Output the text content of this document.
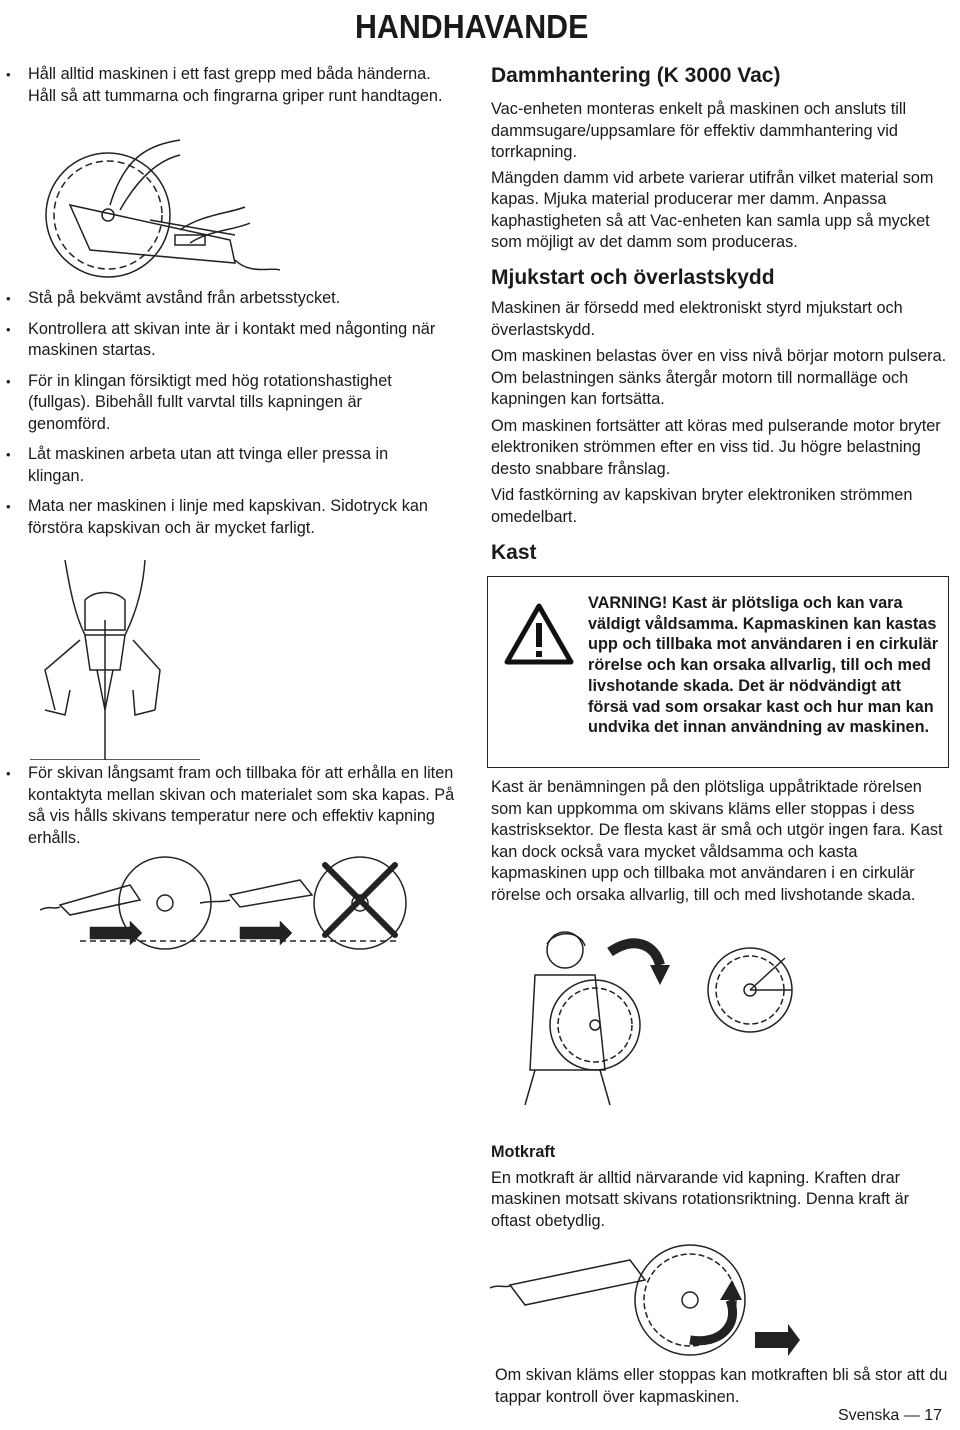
HANDHAVANDE
• Håll alltid maskinen i ett fast grepp med båda händerna. Håll så att tummarna och fingrarna griper runt handtagen.
• Stå på bekvämt avstånd från arbetsstycket.
• Kontrollera att skivan inte är i kontakt med någonting när maskinen startas.
• För in klingan försiktigt med hög rotationshastighet (fullgas). Bibehåll fullt varvtal tills kapningen är genomförd.
• Låt maskinen arbeta utan att tvinga eller pressa in klingan.
• Mata ner maskinen i linje med kapskivan. Sidotryck kan förstöra kapskivan och är mycket farligt.
• För skivan långsamt fram och tillbaka för att erhålla en liten kontaktyta mellan skivan och materialet som ska kapas. På så vis hålls skivans temperatur nere och effektiv kapning erhålls.
Dammhantering (K 3000 Vac)

Vac-enheten monteras enkelt på maskinen och ansluts till dammsugare/uppsamlare för effektiv dammhantering vid torrkapning.

Mängden damm vid arbete varierar utifrån vilket material som kapas. Mjuka material producerar mer damm. Anpassa kaphastigheten så att Vac-enheten kan samla upp så mycket som möjligt av det damm som produceras.

Mjukstart och överlastskydd

Maskinen är försedd med elektroniskt styrd mjukstart och överlastskydd.

Om maskinen belastas över en viss nivå börjar motorn pulsera. Om belastningen sänks återgår motorn till normalläge och kapningen kan fortsätta.

Om maskinen fortsätter att köras med pulserande motor bryter elektroniken strömmen efter en viss tid. Ju högre belastning desto snabbare frånslag.

Vid fastkörning av kapskivan bryter elektroniken strömmen omedelbart.

Kast
VARNING! Kast är plötsliga och kan vara väldigt våldsamma. Kapmaskinen kan kastas upp och tillbaka mot användaren i en cirkulär rörelse och kan orsaka allvarlig, till och med livshotande skada. Det är nödvändigt att försä vad som orsakar kast och hur man kan undvika det innan användning av maskinen.

Kast är benämningen på den plötsliga uppåtriktade rörelsen som kan uppkomma om skivans kläms eller stoppas i dess kastrisksektor. De flesta kast är små och utgör ingen fara. Kast kan dock också vara mycket våldsamma och kasta kapmaskinen upp och tillbaka mot användaren i en cirkulär rörelse och orsaka allvarlig, till och med livshotande skada.

Motkraft

En motkraft är alltid närvarande vid kapning. Kraften drar maskinen motsatt skivans rotationsriktning. Denna kraft är oftast obetydlig.

Om skivan kläms eller stoppas kan motkraften bli så stor att du tappar kontroll över kapmaskinen.

Svenska — 17
